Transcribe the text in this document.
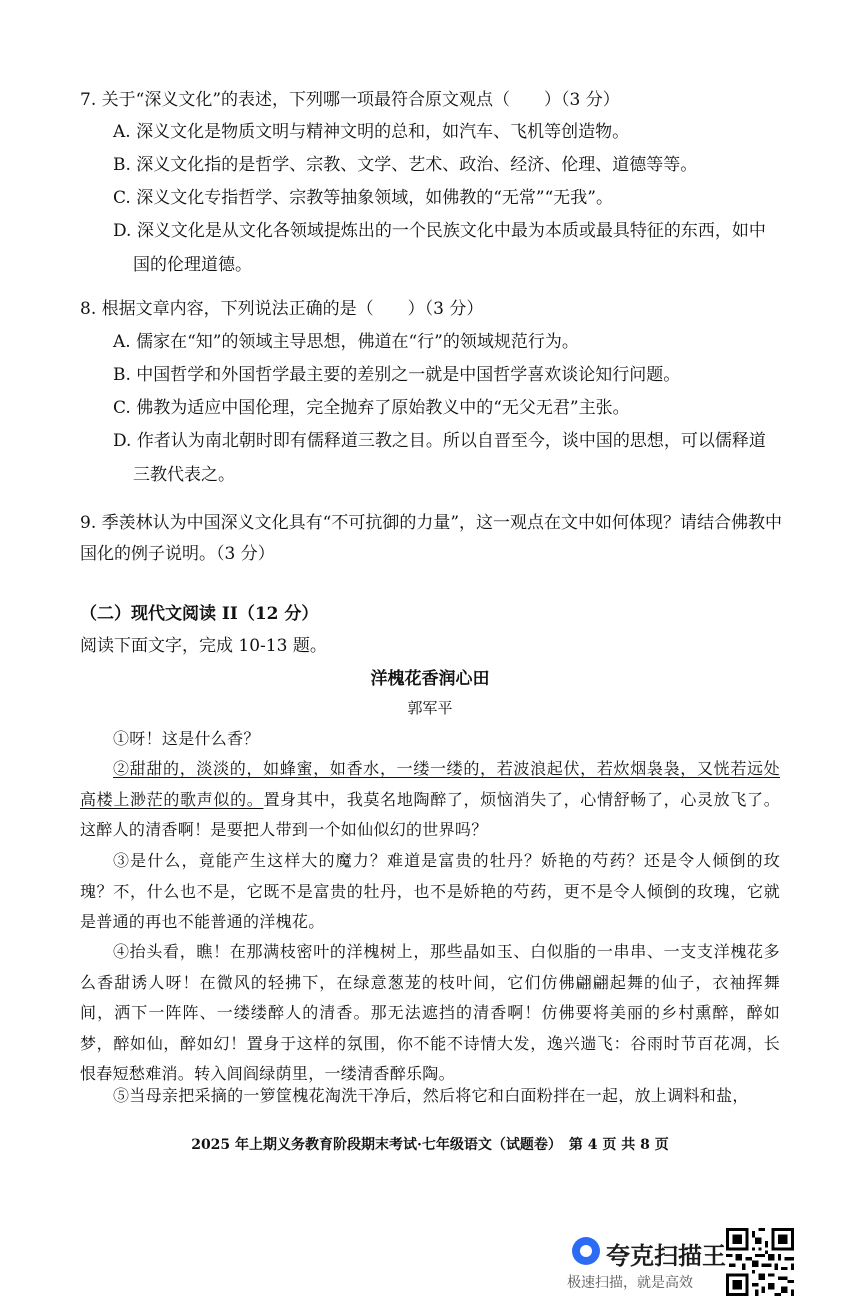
7. 关于“深义文化”的表述，下列哪一项最符合原文观点（　　）（3 分）
A. 深义文化是物质文明与精神文明的总和，如汽车、飞机等创造物。
B. 深义文化指的是哲学、宗教、文学、艺术、政治、经济、伦理、道德等等。
C. 深义文化专指哲学、宗教等抽象领域，如佛教的“无常”“无我”。
D. 深义文化是从文化各领域提炼出的一个民族文化中最为本质或最具特征的东西，如中
国的伦理道德。
8. 根据文章内容，下列说法正确的是（　　）（3 分）
A. 儒家在“知”的领域主导思想，佛道在“行”的领域规范行为。
B. 中国哲学和外国哲学最主要的差别之一就是中国哲学喜欢谈论知行问题。
C. 佛教为适应中国伦理，完全抛弃了原始教义中的“无父无君”主张。
D. 作者认为南北朝时即有儒释道三教之目。所以自晋至今，谈中国的思想，可以儒释道
三教代表之。
9. 季羡林认为中国深义文化具有“不可抗御的力量”，这一观点在文中如何体现？请结合佛教中
国化的例子说明。（3 分）
（二）现代文阅读 II（12 分）
阅读下面文字，完成 10-13 题。
洋槐花香润心田
郭军平
①呀！这是什么香？
②甜甜的，淡淡的，如蜂蜜，如香水，一缕一缕的，若波浪起伏，若炊烟袅袅，又恍若远处高楼上渺茫的歌声似的。置身其中，我莫名地陶醉了，烦恼消失了，心情舒畅了，心灵放飞了。这醉人的清香啊！是要把人带到一个如仙似幻的世界吗？
③是什么，竟能产生这样大的魔力？难道是富贵的牡丹？娇艳的芍药？还是令人倾倒的玫瑰？不，什么也不是，它既不是富贵的牡丹，也不是娇艳的芍药，更不是令人倾倒的玫瑰，它就是普通的再也不能普通的洋槐花。
④抬头看，瞧！在那满枝密叶的洋槐树上，那些晶如玉、白似脂的一串串、一支支洋槐花多么香甜诱人呀！在微风的轻拂下，在绿意葱茏的枝叶间，它们仿佛翩翩起舞的仙子，衣袖挥舞间，洒下一阵阵、一缕缕醉人的清香。那无法遮挡的清香啊！仿佛要将美丽的乡村熏醉，醉如梦，醉如仙，醉如幻！置身于这样的氛围，你不能不诗情大发，逸兴遄飞：谷雨时节百花凋，长恨春短愁难消。转入闾阎绿荫里，一缕清香醉乐陶。
⑤当母亲把采摘的一箩筐槐花淘洗干净后，然后将它和白面粉拌在一起，放上调料和盐，
2025 年上期义务教育阶段期末考试·七年级语文（试题卷）　第 4 页 共 8 页
夸克扫描王
极速扫描，就是高效
